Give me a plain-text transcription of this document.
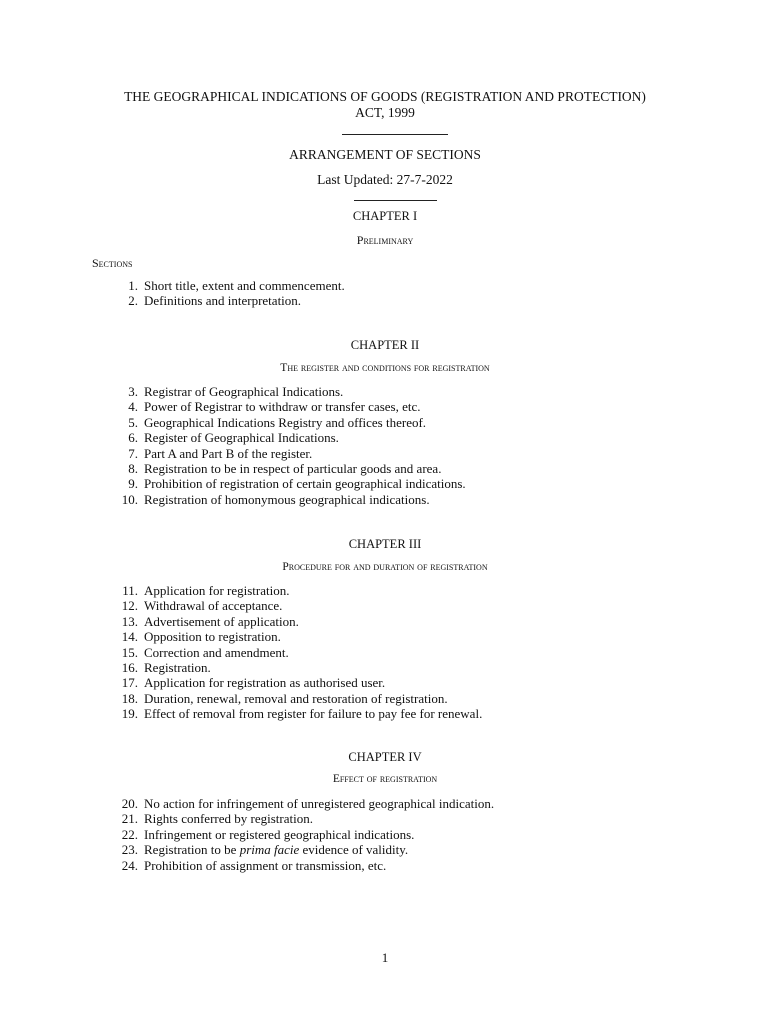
THE GEOGRAPHICAL INDICATIONS OF GOODS (REGISTRATION AND PROTECTION)
ACT, 1999
ARRANGEMENT OF SECTIONS
Last Updated: 27-7-2022
CHAPTER I
Preliminary
Sections
1. Short title, extent and commencement.
2. Definitions and interpretation.
CHAPTER II
The register and conditions for registration
3. Registrar of Geographical Indications.
4. Power of Registrar to withdraw or transfer cases, etc.
5. Geographical Indications Registry and offices thereof.
6. Register of Geographical Indications.
7. Part A and Part B of the register.
8. Registration to be in respect of particular goods and area.
9. Prohibition of registration of certain geographical indications.
10. Registration of homonymous geographical indications.
CHAPTER III
Procedure for and duration of registration
11. Application for registration.
12. Withdrawal of acceptance.
13. Advertisement of application.
14. Opposition to registration.
15. Correction and amendment.
16. Registration.
17. Application for registration as authorised user.
18. Duration, renewal, removal and restoration of registration.
19. Effect of removal from register for failure to pay fee for renewal.
CHAPTER IV
Effect of registration
20. No action for infringement of unregistered geographical indication.
21. Rights conferred by registration.
22. Infringement or registered geographical indications.
23. Registration to be prima facie evidence of validity.
24. Prohibition of assignment or transmission, etc.
1
